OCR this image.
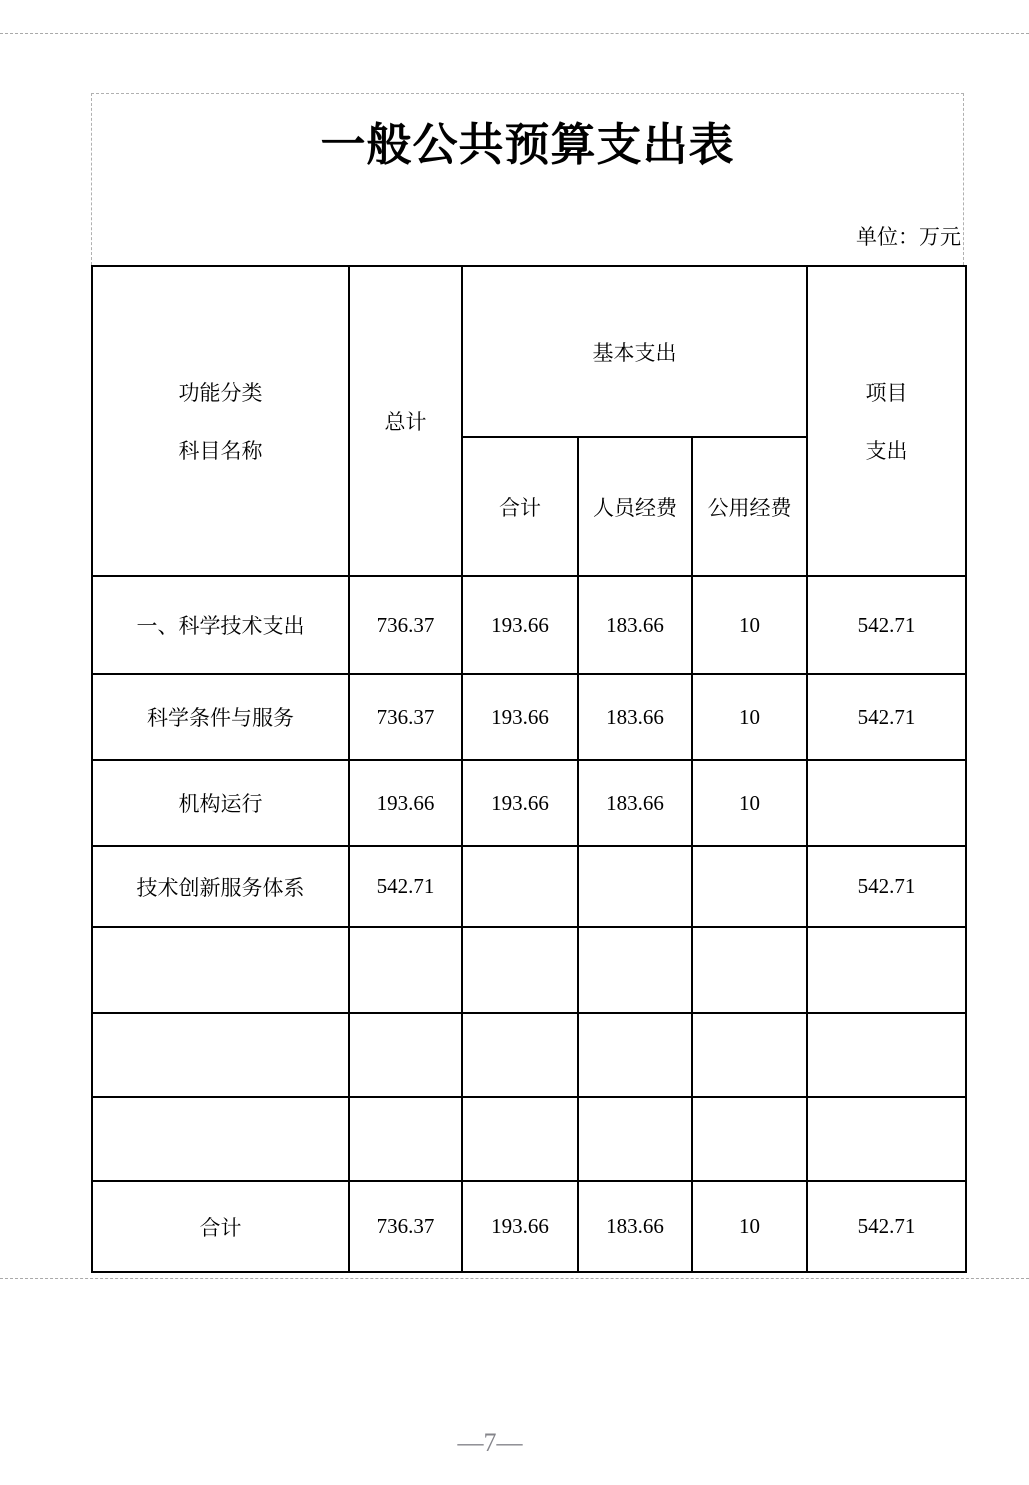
一般公共预算支出表
单位：万元
功能分类
科目名称
	总计	基本支出	
项目
支出

		合计	人员经费	公用经费	
一、科学技术支出	736.37	193.66	183.66	10	542.71
科学条件与服务	736.37	193.66	183.66	10	542.71
机构运行	193.66	193.66	183.66	10	
技术创新服务体系	542.71				542.71

合计	736.37	193.66	183.66	10	542.71
—7—
